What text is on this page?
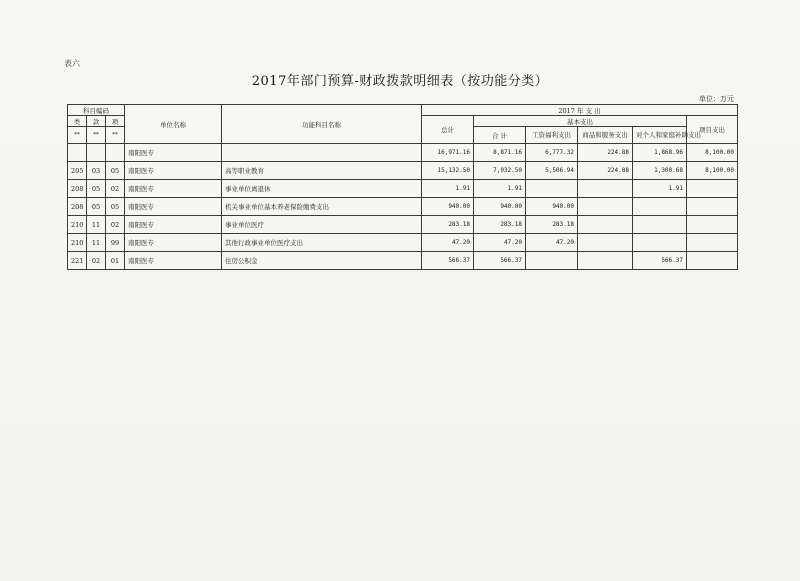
表六
2017年部门预算-财政拨款明细表（按功能分类）
单位：万元
科目编码			单位名称	功能科目名称	2017 年 支 出					
类	款	项			总计	基本支出				项目支出
						合 计	工资福利支出	商品和服务支出	对个人和家庭补助支出	
**	**	**								
			南阳医专		16,971.16	8,871.16	6,777.32	224.88	1,868.96	8,100.00
205	03	05	南阳医专	高等职业教育	15,132.50	7,032.50	5,506.94	224.88	1,300.68	8,100.00
208	05	02	南阳医专	事业单位离退休	1.91	1.91			1.91	
208	05	05	南阳医专	机关事业单位基本养老保险缴费支出	940.00	940.00	940.00			
210	11	02	南阳医专	事业单位医疗	283.18	283.18	283.18			
210	11	99	南阳医专	其他行政事业单位医疗支出	47.20	47.20	47.20			
221	02	01	南阳医专	住房公积金	566.37	566.37			566.37	
